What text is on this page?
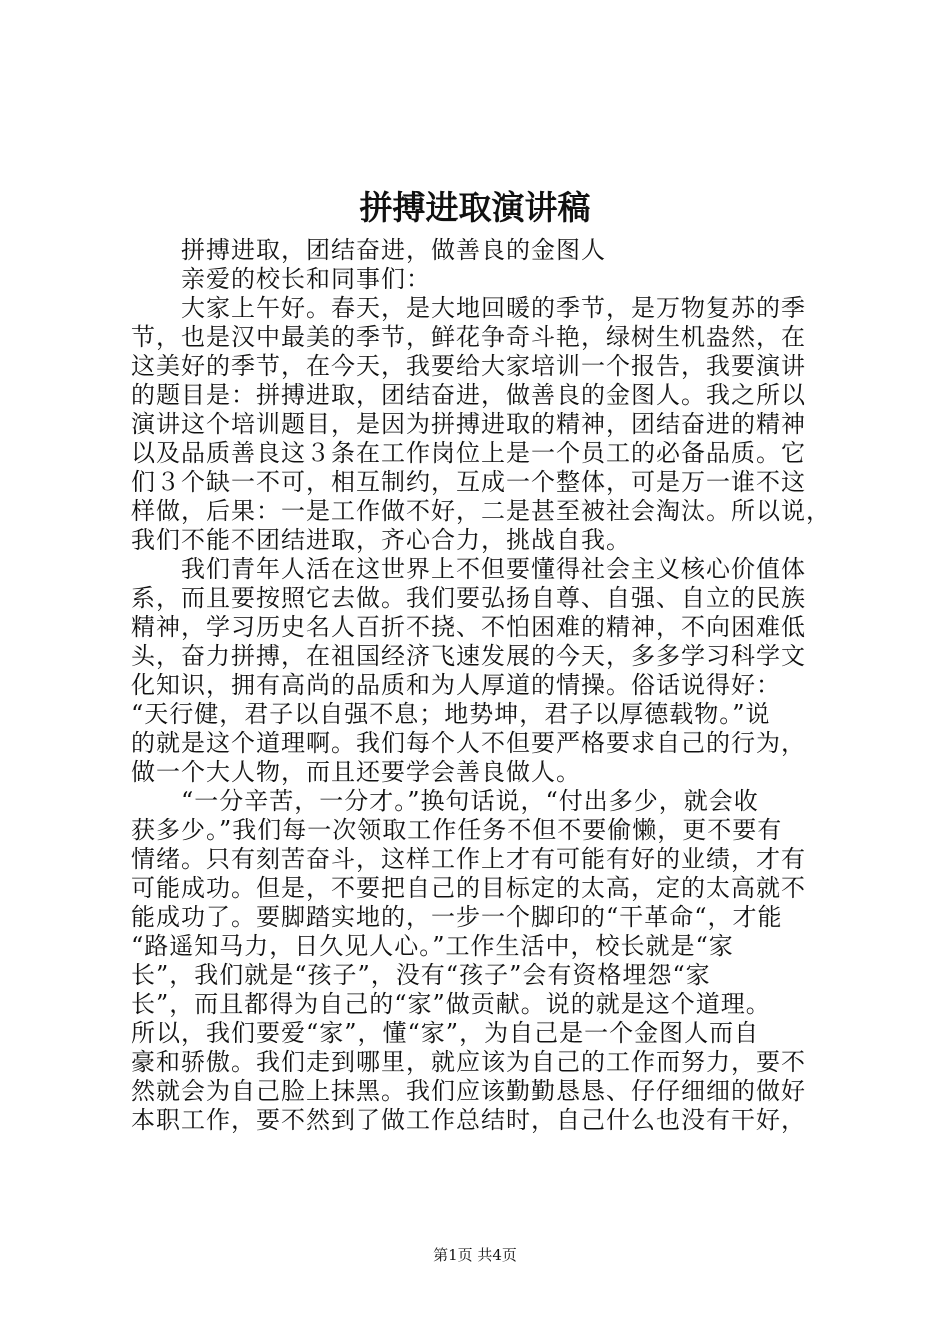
拼搏进取演讲稿
拼搏进取，团结奋进，做善良的金图人
亲爱的校长和同事们：
大家上午好。春天，是大地回暖的季节，是万物复苏的季
节，也是汉中最美的季节，鲜花争奇斗艳，绿树生机盎然，在
这美好的季节，在今天，我要给大家培训一个报告，我要演讲
的题目是：拼搏进取，团结奋进，做善良的金图人。我之所以
演讲这个培训题目，是因为拼搏进取的精神，团结奋进的精神
以及品质善良这３条在工作岗位上是一个员工的必备品质。它
们３个缺一不可，相互制约，互成一个整体，可是万一谁不这
样做，后果：一是工作做不好，二是甚至被社会淘汰。所以说，
我们不能不团结进取，齐心合力，挑战自我。
我们青年人活在这世界上不但要懂得社会主义核心价值体
系，而且要按照它去做。我们要弘扬自尊、自强、自立的民族
精神，学习历史名人百折不挠、不怕困难的精神，不向困难低
头，奋力拼搏，在祖国经济飞速发展的今天，多多学习科学文
化知识，拥有高尚的品质和为人厚道的情操。俗话说得好：
“天行健，君子以自强不息；地势坤，君子以厚德载物。”说
的就是这个道理啊。我们每个人不但要严格要求自己的行为，
做一个大人物，而且还要学会善良做人。
“一分辛苦，一分才。”换句话说，“付出多少，就会收
获多少。”我们每一次领取工作任务不但不要偷懒，更不要有
情绪。只有刻苦奋斗，这样工作上才有可能有好的业绩，才有
可能成功。但是，不要把自己的目标定的太高，定的太高就不
能成功了。要脚踏实地的，一步一个脚印的“干革命“，才能
“路遥知马力，日久见人心。”工作生活中，校长就是“家
长”，我们就是“孩子”，没有“孩子”会有资格埋怨“家
长”，而且都得为自己的“家”做贡献。说的就是这个道理。
所以，我们要爱“家”，懂“家”，为自己是一个金图人而自
豪和骄傲。我们走到哪里，就应该为自己的工作而努力，要不
然就会为自己脸上抹黑。我们应该勤勤恳恳、仔仔细细的做好
本职工作，要不然到了做工作总结时，自己什么也没有干好，
第1页 共4页
